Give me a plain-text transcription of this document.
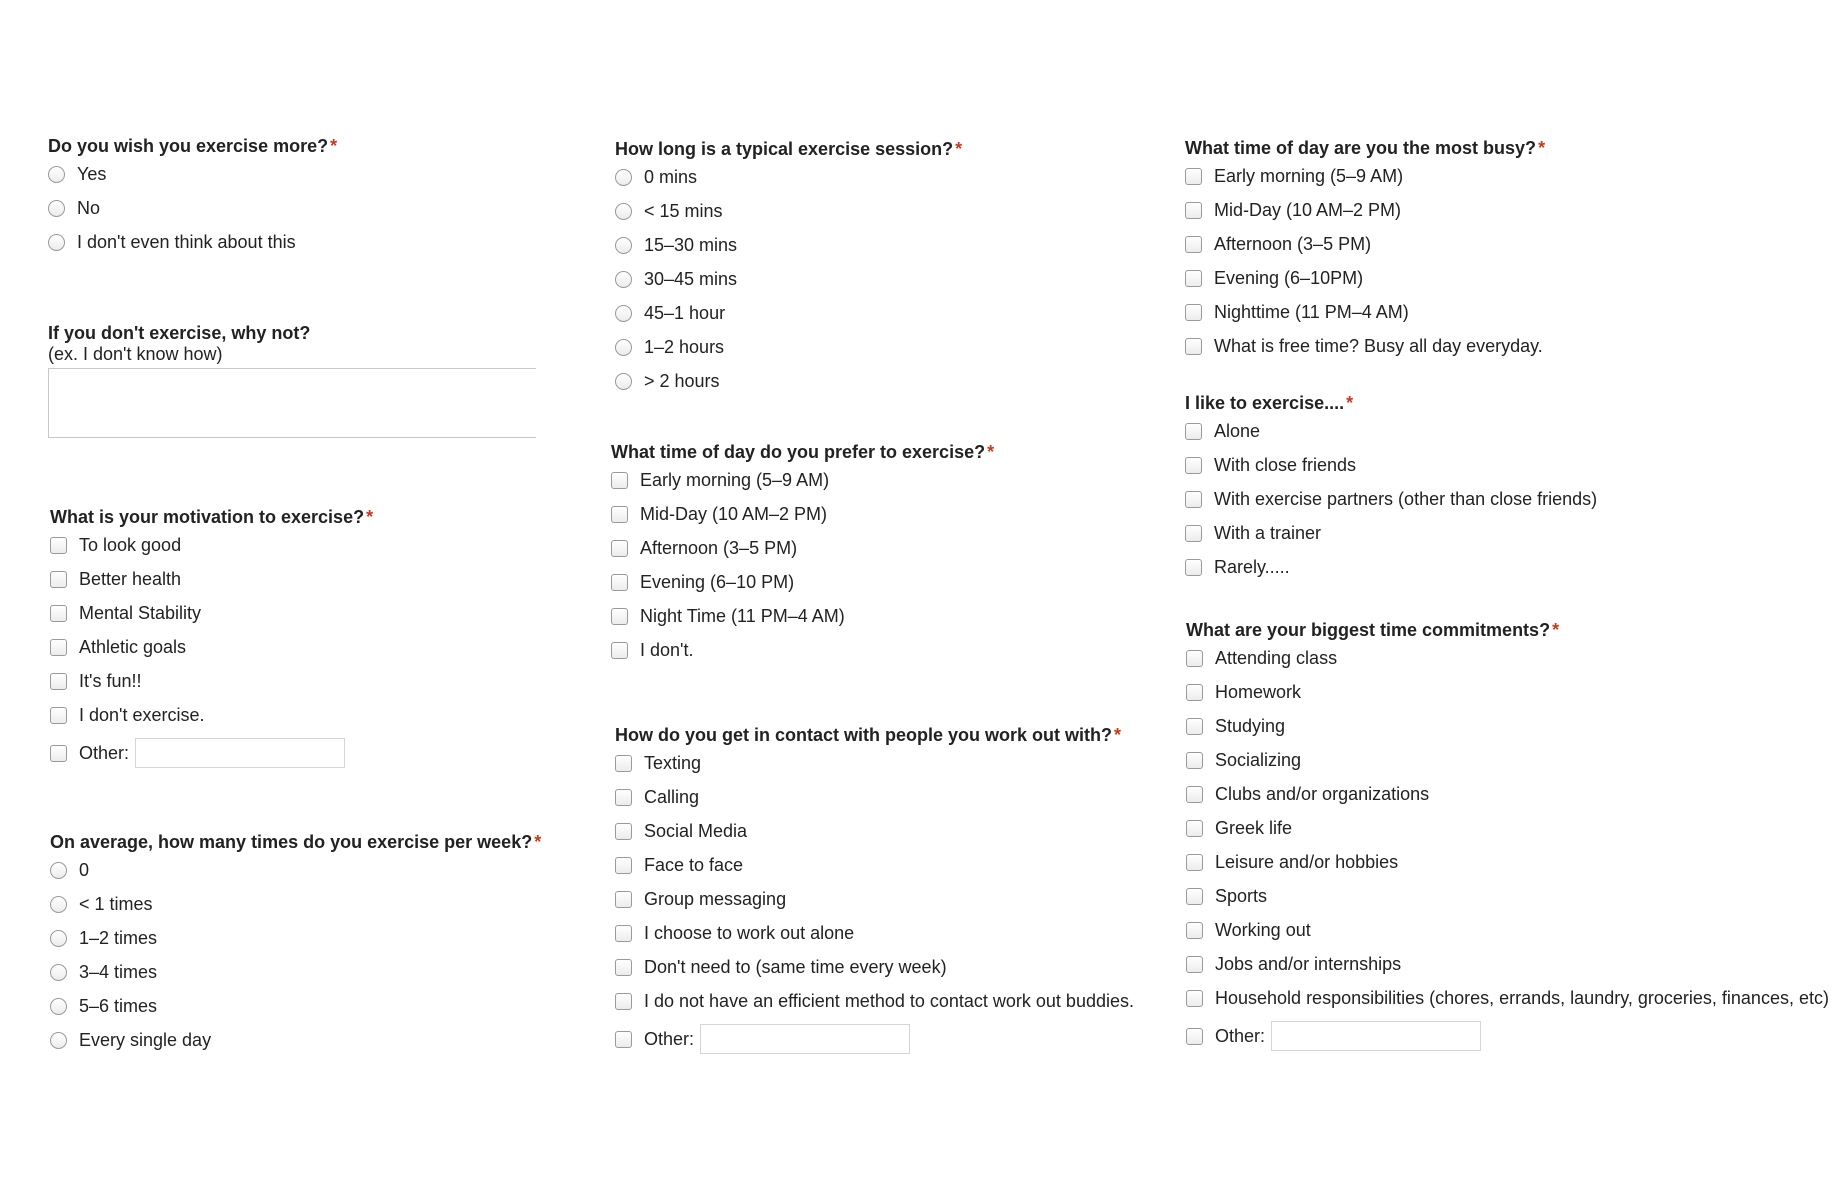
Do you wish you exercise more? *
Yes
No
I don't even think about this
If you don't exercise, why not?
(ex. I don't know how)
What is your motivation to exercise? *
To look good
Better health
Mental Stability
Athletic goals
It's fun!!
I don't exercise.
Other:
On average, how many times do you exercise per week? *
0
< 1 times
1–2 times
3–4 times
5–6 times
Every single day
How long is a typical exercise session? *
0 mins
< 15 mins
15–30 mins
30–45 mins
45–1 hour
1–2 hours
> 2 hours
What time of day do you prefer to exercise? *
Early morning (5–9 AM)
Mid-Day (10 AM–2 PM)
Afternoon (3–5 PM)
Evening (6–10 PM)
Night Time (11 PM–4 AM)
I don't.
How do you get in contact with people you work out with? *
Texting
Calling
Social Media
Face to face
Group messaging
I choose to work out alone
Don't need to (same time every week)
I do not have an efficient method to contact work out buddies.
Other:
What time of day are you the most busy? *
Early morning (5–9 AM)
Mid-Day (10 AM–2 PM)
Afternoon (3–5 PM)
Evening (6–10PM)
Nighttime (11 PM–4 AM)
What is free time? Busy all day everyday.
I like to exercise.... *
Alone
With close friends
With exercise partners (other than close friends)
With a trainer
Rarely.....
What are your biggest time commitments? *
Attending class
Homework
Studying
Socializing
Clubs and/or organizations
Greek life
Leisure and/or hobbies
Sports
Working out
Jobs and/or internships
Household responsibilities (chores, errands, laundry, groceries, finances, etc)
Other:
